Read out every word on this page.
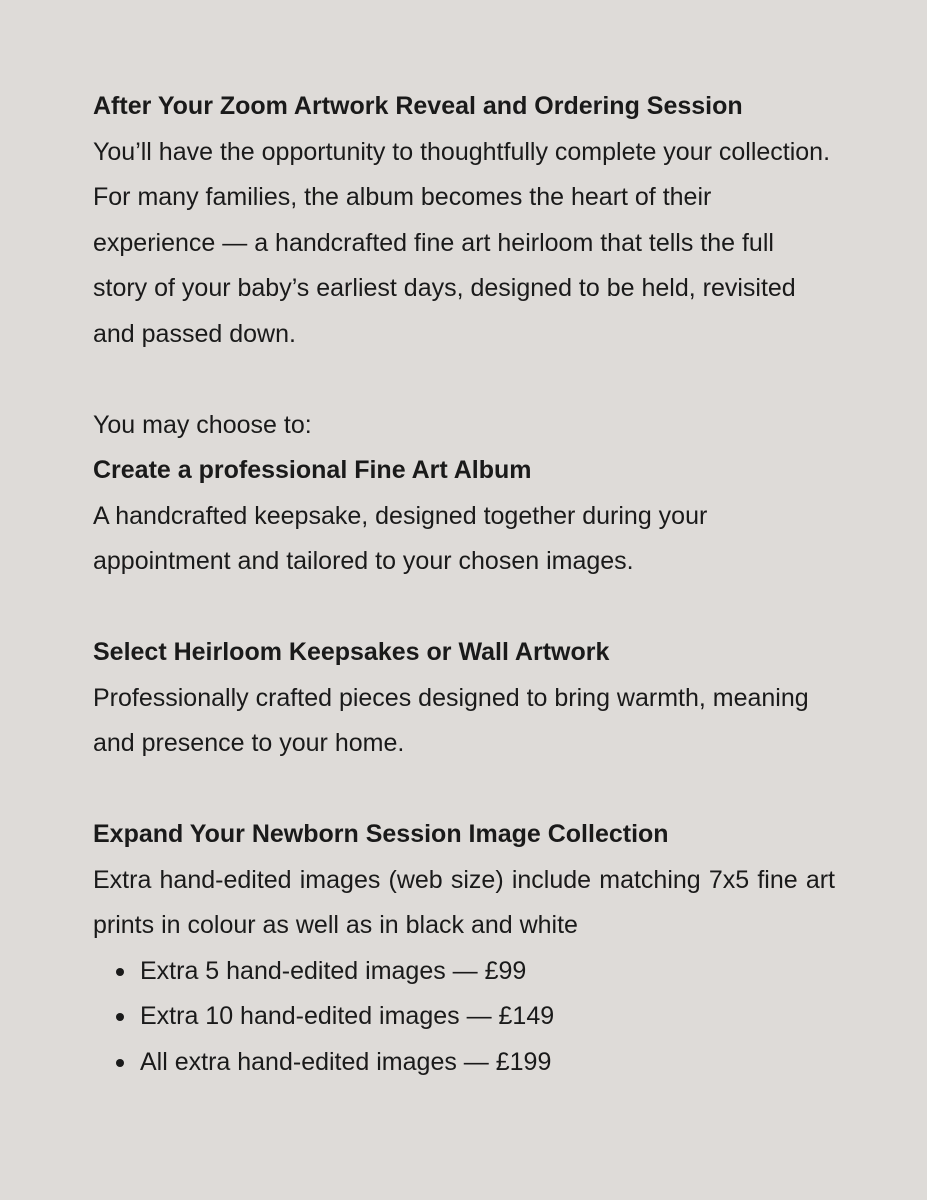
After Your Zoom Artwork Reveal and Ordering Session

You’ll have the opportunity to thoughtfully complete your collection.

For many families, the album becomes the heart of their experience — a handcrafted fine art heirloom that tells the full story of your baby’s earliest days, designed to be held, revisited and passed down.

You may choose to:

Create a professional Fine Art Album

A handcrafted keepsake, designed together during your appointment and tailored to your chosen images.

Select Heirloom Keepsakes or Wall Artwork

Professionally crafted pieces designed to bring warmth, meaning and presence to your home.

Expand Your Newborn Session Image Collection

Extra hand-edited images (web size) include matching 7x5 fine art prints in colour as well as in black and white

Extra 5 hand-edited images — £99
Extra 10 hand-edited images — £149
All extra hand-edited images — £199
